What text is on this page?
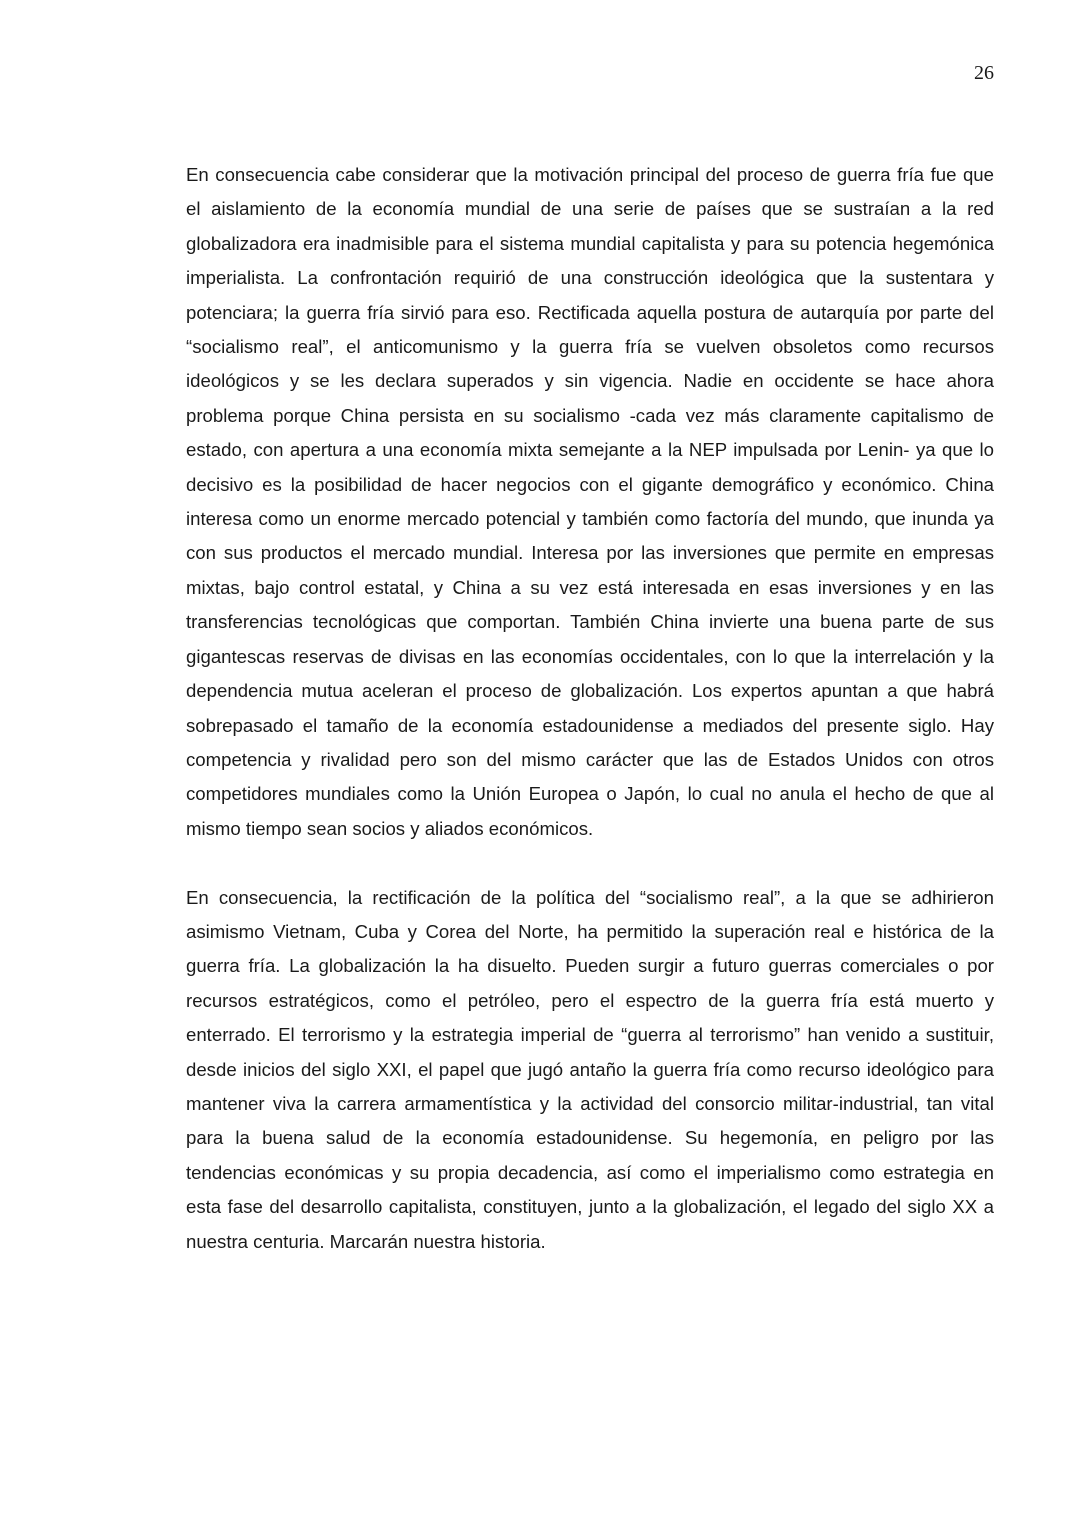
26

En consecuencia cabe considerar que la motivación principal del proceso de guerra fría fue que el aislamiento de la economía mundial de una serie de países que se sustraían a la red globalizadora era inadmisible para el sistema mundial capitalista y para su potencia hegemónica imperialista. La confrontación requirió de una construcción ideológica que la sustentara y potenciara; la guerra fría sirvió para eso. Rectificada aquella postura de autarquía por parte del “socialismo real”, el anticomunismo y la guerra fría se vuelven obsoletos como recursos ideológicos y se les declara superados y sin vigencia. Nadie en occidente se hace ahora problema porque China persista en su socialismo -cada vez más claramente capitalismo de estado, con apertura a una economía mixta semejante a la NEP impulsada por Lenin- ya que lo decisivo es la posibilidad de hacer negocios con el gigante demográfico y económico. China interesa como un enorme mercado potencial y también como factoría del mundo, que inunda ya con sus productos el mercado mundial. Interesa por las inversiones que permite en empresas mixtas, bajo control estatal, y China a su vez está interesada en esas inversiones y en las transferencias tecnológicas que comportan. También China invierte una buena parte de sus gigantescas reservas de divisas en las economías occidentales, con lo que la interrelación y la dependencia mutua aceleran el proceso de globalización. Los expertos apuntan a que habrá sobrepasado el tamaño de la economía estadounidense a mediados del presente siglo. Hay competencia y rivalidad pero son del mismo carácter que las de Estados Unidos con otros competidores mundiales como la Unión Europea o Japón, lo cual no anula el hecho de que al mismo tiempo sean socios y aliados económicos.

En consecuencia, la rectificación de la política del “socialismo real”, a la que se adhirieron asimismo Vietnam, Cuba y Corea del Norte, ha permitido la superación real e histórica de la guerra fría. La globalización la ha disuelto. Pueden surgir a futuro guerras comerciales o por recursos estratégicos, como el petróleo, pero el espectro de la guerra fría está muerto y enterrado. El terrorismo y la estrategia imperial de “guerra al terrorismo” han venido a sustituir, desde inicios del siglo XXI, el papel que jugó antaño la guerra fría como recurso ideológico para mantener viva la carrera armamentística y la actividad del consorcio militar-industrial, tan vital para la buena salud de la economía estadounidense. Su hegemonía, en peligro por las tendencias económicas y su propia decadencia, así como el imperialismo como estrategia en esta fase del desarrollo capitalista, constituyen, junto a la globalización, el legado del siglo XX a nuestra centuria. Marcarán nuestra historia.
